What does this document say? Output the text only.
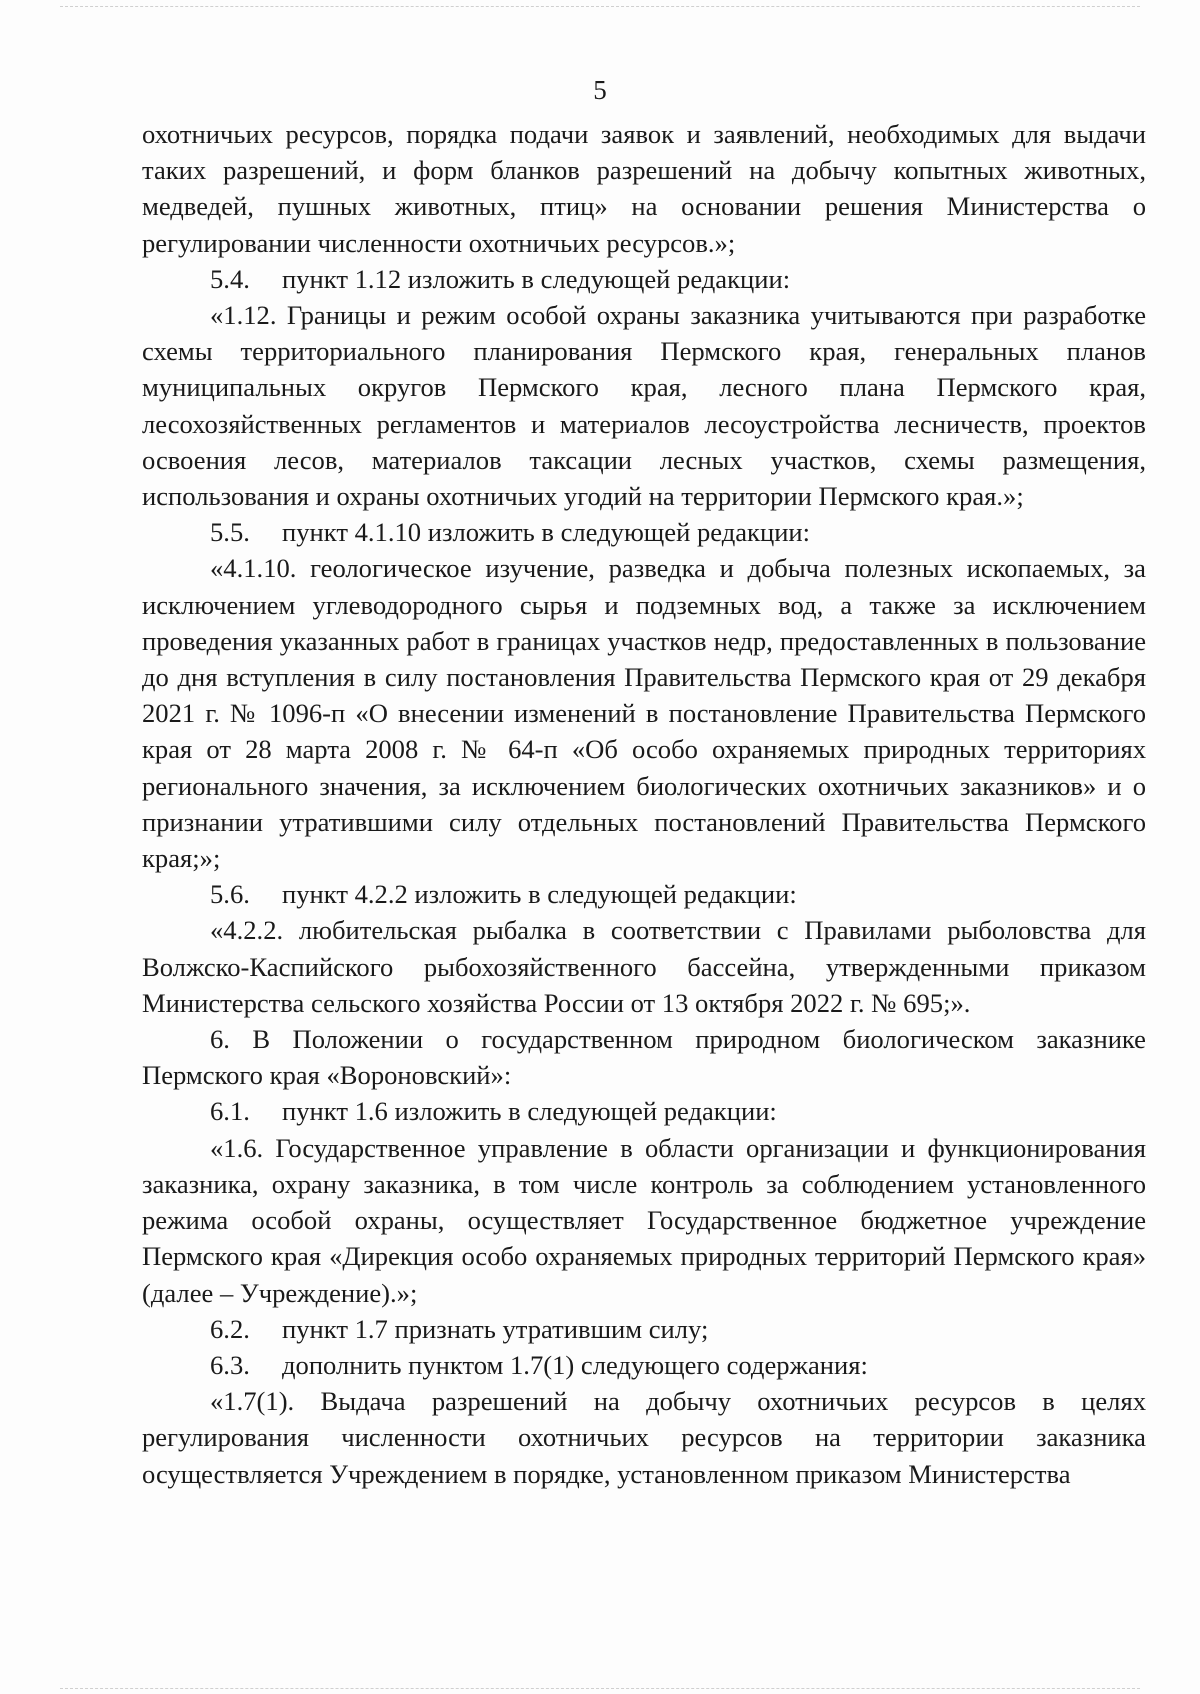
5

охотничьих ресурсов, порядка подачи заявок и заявлений, необходимых для выдачи таких разрешений, и форм бланков разрешений на добычу копытных животных, медведей, пушных животных, птиц» на основании решения Министерства о регулировании численности охотничьих ресурсов.»;

5.4. пункт 1.12 изложить в следующей редакции:

«1.12. Границы и режим особой охраны заказника учитываются при разработке схемы территориального планирования Пермского края, генеральных планов муниципальных округов Пермского края, лесного плана Пермского края, лесохозяйственных регламентов и материалов лесоустройства лесничеств, проектов освоения лесов, материалов таксации лесных участков, схемы размещения, использования и охраны охотничьих угодий на территории Пермского края.»;

5.5. пункт 4.1.10 изложить в следующей редакции:

«4.1.10. геологическое изучение, разведка и добыча полезных ископаемых, за исключением углеводородного сырья и подземных вод, а также за исключением проведения указанных работ в границах участков недр, предоставленных в пользование до дня вступления в силу постановления Правительства Пермского края от 29 декабря 2021 г. № 1096-п «О внесении изменений в постановление Правительства Пермского края от 28 марта 2008 г. № 64-п «Об особо охраняемых природных территориях регионального значения, за исключением биологических охотничьих заказников» и о признании утратившими силу отдельных постановлений Правительства Пермского края;»;

5.6. пункт 4.2.2 изложить в следующей редакции:

«4.2.2. любительская рыбалка в соответствии с Правилами рыболовства для Волжско-Каспийского рыбохозяйственного бассейна, утвержденными приказом Министерства сельского хозяйства России от 13 октября 2022 г. № 695;».

6. В Положении о государственном природном биологическом заказнике Пермского края «Вороновский»:

6.1. пункт 1.6 изложить в следующей редакции:

«1.6. Государственное управление в области организации и функционирования заказника, охрану заказника, в том числе контроль за соблюдением установленного режима особой охраны, осуществляет Государственное бюджетное учреждение Пермского края «Дирекция особо охраняемых природных территорий Пермского края» (далее – Учреждение).»;

6.2. пункт 1.7 признать утратившим силу;

6.3. дополнить пунктом 1.7(1) следующего содержания:

«1.7(1). Выдача разрешений на добычу охотничьих ресурсов в целях регулирования численности охотничьих ресурсов на территории заказника осуществляется Учреждением в порядке, установленном приказом Министерства
